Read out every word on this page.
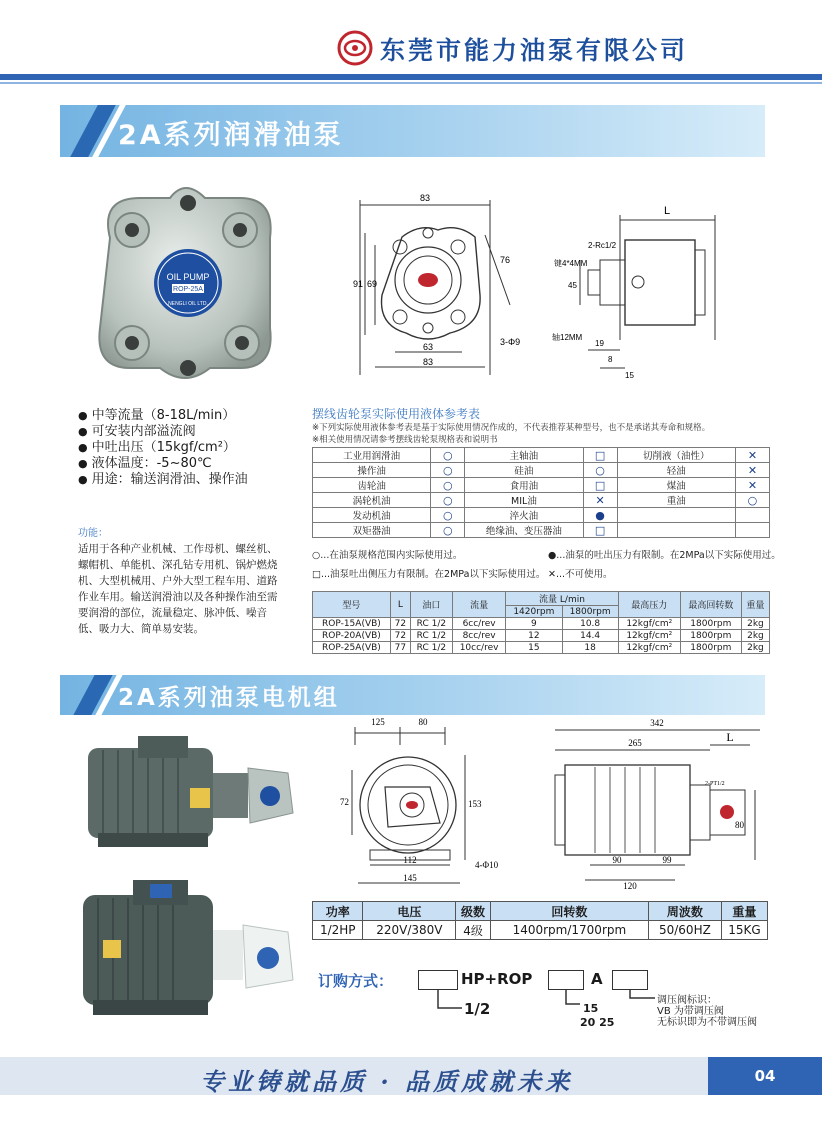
东莞市能力油泵有限公司
2A系列润滑油泵
OIL PUMP
ROP-25A
NENGLI OIL LTD.
● 中等流量（8-18L/min）
● 可安装内部溢流阀
● 中吐出压（15kgf/cm²）
● 液体温度：-5~80℃
● 用途：输送润滑油、操作油
功能：
适用于各种产业机械、工作母机、螺丝机、螺帽机、单能机、深孔钻专用机、锅炉燃烧机、大型机械用、户外大型工程车用、道路作业车用。输送润滑油以及各种操作油至需要润滑的部位，流量稳定、脉冲低、噪音低、吸力大、简单易安装。
83
91 69
76
63
83
3-Φ9
L
2-Rc1/2
键4*4MM
45
轴12MM
19
8
15
摆线齿轮泵实际使用液体参考表
※下列实际使用液体参考表是基于实际使用情况作成的，不代表推荐某种型号，也不是承诺其寿命和规格。
※相关使用情况请参考摆线齿轮泵规格表和说明书
工业用润滑油	○	主轴油	□	切削液（油性）	✕
操作油	○	硅油	○	轻油	✕
齿轮油	○	食用油	□	煤油	✕
涡轮机油	○	MIL油	✕	重油	○
发动机油	○	淬火油	●		
双矩器油	○	绝缘油、变压器油	□		
○...在油泵规格范围内实际使用过。	●...油泵的吐出压力有限制。在2MPa以下实际使用过。
□...油泵吐出侧压力有限制。在2MPa以下实际使用过。 ✕...不可使用。
型号	L	油口	流量	流量 L/min		最高压力	最高回转数	重量
				1420rpm	1800rpm			
ROP-15A(VB)	72	RC 1/2	6cc/rev	9	10.8	12kgf/cm²	1800rpm	2kg
ROP-20A(VB)	72	RC 1/2	8cc/rev	12	14.4	12kgf/cm²	1800rpm	2kg
ROP-25A(VB)	77	RC 1/2	10cc/rev	15	18	12kgf/cm²	1800rpm	2kg
2A系列油泵电机组
125	80
72	153
112
145
4-Φ10
342
265	L
2-PT1/2
80
90	99
120
功率	电压	级数	回转数	周波数	重量
1/2HP	220V/380V	4级	1400rpm/1700rpm	50/60HZ	15KG
订购方式：	HP+ROP	A
1/2	15
20 25
调压阀标识：
VB 为带调压阀
无标识即为不带调压阀
专业铸就品质 · 品质成就未来	04
